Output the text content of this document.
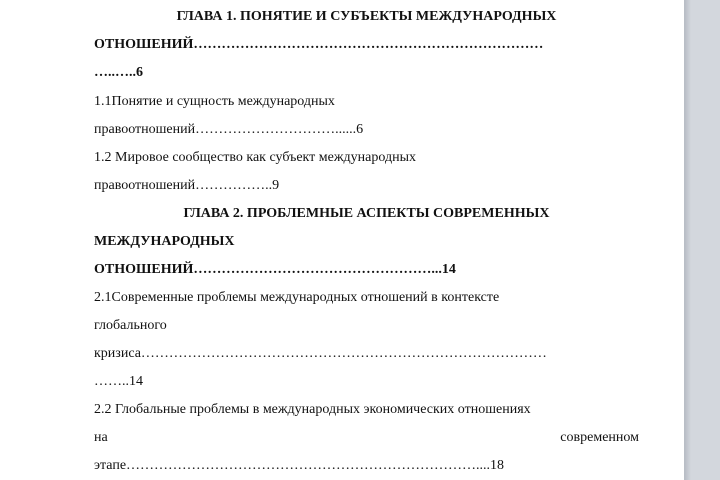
ГЛАВА 1. ПОНЯТИЕ И СУБЪЕКТЫ МЕЖДУНАРОДНЫХ
ОТНОШЕНИЙ…………………………………………………………………
…..…..6
1.1Понятие и сущность международных
правоотношений…………………………......6
1.2 Мировое сообщество как субъект международных
правоотношений……………..9
ГЛАВА 2. ПРОБЛЕМНЫЕ АСПЕКТЫ СОВРЕМЕННЫХ
МЕЖДУНАРОДНЫХ
ОТНОШЕНИЙ……………………………………………...14
2.1Современные проблемы международных отношений в контексте
глобального
кризиса……………………………………………………………………………
……..14
2.2 Глобальные проблемы в международных экономических отношениях
на	современном
этапе…………………………………………………………………....18
